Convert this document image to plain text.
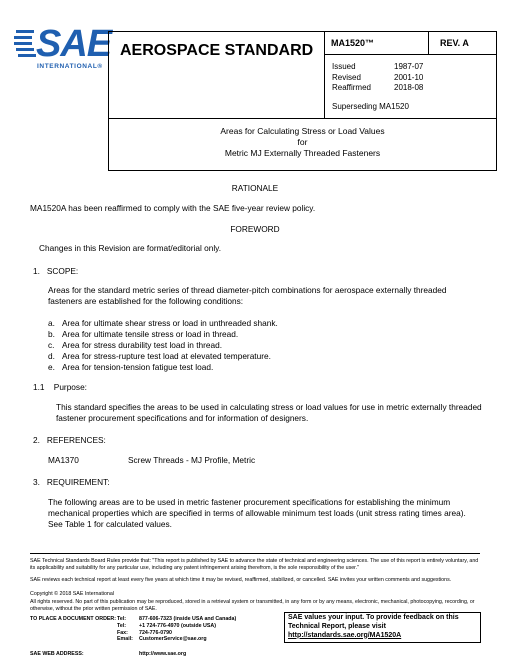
SAE
INTERNATIONAL®
AEROSPACE STANDARD	MA1520™	REV. A
Issued	1987-07
Revised	2001-10
Reaffirmed	2018-08
Superseding MA1520
Areas for Calculating Stress or Load Values
for
Metric MJ Externally Threaded Fasteners
RATIONALE
MA1520A has been reaffirmed to comply with the SAE five-year review policy.
FOREWORD
Changes in this Revision are format/editorial only.
1. SCOPE:
Areas for the standard metric series of thread diameter-pitch combinations for aerospace externally threaded fasteners are established for the following conditions:
a. Area for ultimate shear stress or load in unthreaded shank.
b. Area for ultimate tensile stress or load in thread.
c. Area for stress durability test load in thread.
d. Area for stress-rupture test load at elevated temperature.
e. Area for tension-tension fatigue test load.
1.1 Purpose:
This standard specifies the areas to be used in calculating stress or load values for use in metric externally threaded fastener procurement specifications and for information of designers.
2. REFERENCES:
MA1370	Screw Threads - MJ Profile, Metric
3. REQUIREMENT:
The following areas are to be used in metric fastener procurement specifications for establishing the minimum mechanical properties which are specified in terms of allowable minimum test loads (unit stress rating times area). See Table 1 for calculated values.
SAE Technical Standards Board Rules provide that: "This report is published by SAE to advance the state of technical and engineering sciences. The use of this report is entirely voluntary, and its applicability and suitability for any particular use, including any patent infringement arising therefrom, is the sole responsibility of the user."
SAE reviews each technical report at least every five years at which time it may be revised, reaffirmed, stabilized, or cancelled. SAE invites your written comments and suggestions.
Copyright © 2018 SAE International
All rights reserved. No part of this publication may be reproduced, stored in a retrieval system or transmitted, in any form or by any means, electronic, mechanical, photocopying, recording, or otherwise, without the prior written permission of SAE.
TO PLACE A DOCUMENT ORDER: Tel:	877-606-7323 (inside USA and Canada)
Tel:	+1 724-776-4970 (outside USA)
Fax:	724-776-0790
Email:	CustomerService@sae.org
SAE WEB ADDRESS:	http://www.sae.org
SAE values your input. To provide feedback on this Technical Report, please visit
http://standards.sae.org/MA1520A
